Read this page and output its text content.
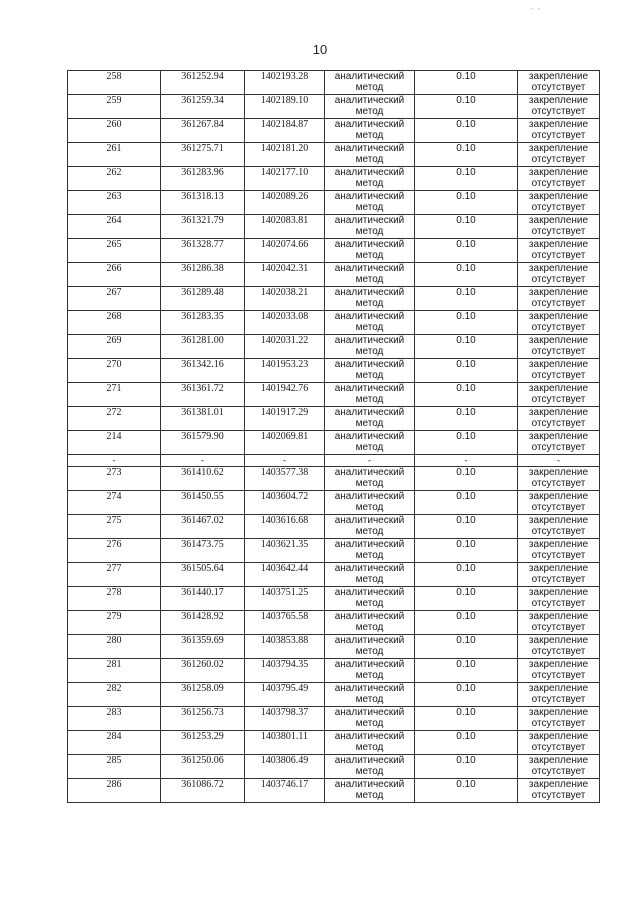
- -
10
258	361252.94	1402193.28	аналитический
метод	0.10	закрепление
отсутствует

259	361259.34	1402189.10	аналитический
метод	0.10	закрепление
отсутствует

260	361267.84	1402184.87	аналитический
метод	0.10	закрепление
отсутствует

261	361275.71	1402181.20	аналитический
метод	0.10	закрепление
отсутствует

262	361283.96	1402177.10	аналитический
метод	0.10	закрепление
отсутствует

263	361318.13	1402089.26	аналитический
метод	0.10	закрепление
отсутствует

264	361321.79	1402083.81	аналитический
метод	0.10	закрепление
отсутствует

265	361328.77	1402074.66	аналитический
метод	0.10	закрепление
отсутствует

266	361286.38	1402042.31	аналитический
метод	0.10	закрепление
отсутствует

267	361289.48	1402038.21	аналитический
метод	0.10	закрепление
отсутствует

268	361283.35	1402033.08	аналитический
метод	0.10	закрепление
отсутствует

269	361281.00	1402031.22	аналитический
метод	0.10	закрепление
отсутствует

270	361342.16	1401953.23	аналитический
метод	0.10	закрепление
отсутствует

271	361361.72	1401942.76	аналитический
метод	0.10	закрепление
отсутствует

272	361381.01	1401917.29	аналитический
метод	0.10	закрепление
отсутствует

214	361579.90	1402069.81	аналитический
метод	0.10	закрепление
отсутствует

-	-	-	-	-	-
273	361410.62	1403577.38	аналитический
метод	0.10	закрепление
отсутствует

274	361450.55	1403604.72	аналитический
метод	0.10	закрепление
отсутствует

275	361467.02	1403616.68	аналитический
метод	0.10	закрепление
отсутствует

276	361473.75	1403621.35	аналитический
метод	0.10	закрепление
отсутствует

277	361505.64	1403642.44	аналитический
метод	0.10	закрепление
отсутствует

278	361440.17	1403751.25	аналитический
метод	0.10	закрепление
отсутствует

279	361428.92	1403765.58	аналитический
метод	0.10	закрепление
отсутствует

280	361359.69	1403853.88	аналитический
метод	0.10	закрепление
отсутствует

281	361260.02	1403794.35	аналитический
метод	0.10	закрепление
отсутствует

282	361258.09	1403795.49	аналитический
метод	0.10	закрепление
отсутствует

283	361256.73	1403798.37	аналитический
метод	0.10	закрепление
отсутствует

284	361253.29	1403801.11	аналитический
метод	0.10	закрепление
отсутствует

285	361250.06	1403806.49	аналитический
метод	0.10	закрепление
отсутствует

286	361086.72	1403746.17	аналитический
метод	0.10	закрепление
отсутствует
